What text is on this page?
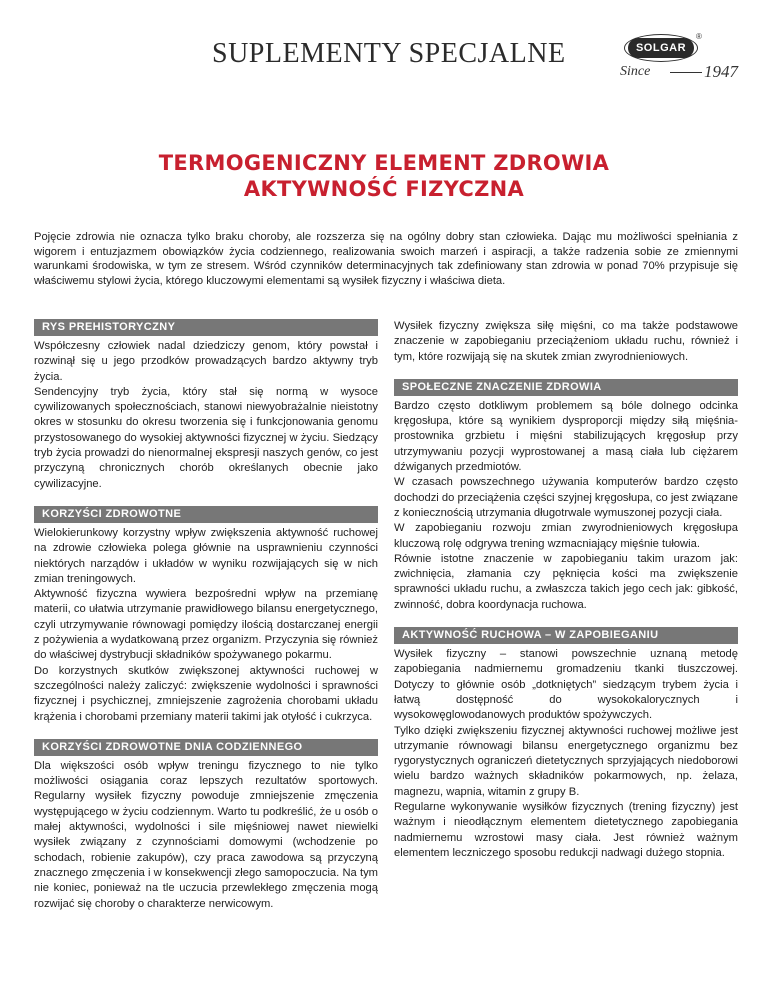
SUPLEMENTY SPECJALNE	SOLGAR
®
Since	1947
TERMOGENICZNY ELEMENT ZDROWIA
AKTYWNOŚĆ FIZYCZNA

Pojęcie zdrowia nie oznacza tylko braku choroby, ale rozszerza się na ogólny dobry stan człowieka. Dając mu możliwości spełniania z wigorem i entuzjazmem obowiązków życia codziennego, realizowania swoich marzeń i aspiracji, a także radzenia sobie ze zmiennymi warunkami środowiska, w tym ze stresem. Wśród czynników determinacyjnych tak zdefiniowany stan zdrowia w ponad 70% przypisuje się właściwemu stylowi życia, którego kluczowymi elementami są wysiłek fizyczny i właściwa dieta.

RYS PREHISTORYCZNY

Współczesny człowiek nadal dziedziczy genom, który powstał i rozwinął się u jego przodków prowadzących bardzo aktywny tryb życia.
Sendencyjny tryb życia, który stał się normą w wysoce cywilizowanych społecznościach, stanowi niewyobrażalnie nieistotny okres w stosunku do okresu tworzenia się i funkcjonowania genomu przystosowanego do wysokiej aktywności fizycznej w życiu. Siedzący tryb życia prowadzi do nienormalnej ekspresji naszych genów, co jest przyczyną chronicznych chorób określanych obecnie jako cywilizacyjne.

KORZYŚCI ZDROWOTNE

Wielokierunkowy korzystny wpływ zwiększenia aktywność ruchowej na zdrowie człowieka polega głównie na usprawnieniu czynności niektórych narządów i układów w wyniku rozwijających się w nich zmian treningowych.
Aktywność fizyczna wywiera bezpośredni wpływ na przemianę materii, co ułatwia utrzymanie prawidłowego bilansu energetycznego, czyli utrzymywanie równowagi pomiędzy ilością dostarczanej energii z pożywienia a wydatkowaną przez organizm. Przyczynia się również do właściwej dystrybucji składników spożywanego pokarmu.
Do korzystnych skutków zwiększonej aktywności ruchowej w szczególności należy zaliczyć: zwiększenie wydolności i sprawności fizycznej i psychicznej, zmniejszenie zagrożenia chorobami układu krążenia i chorobami przemiany materii takimi jak otyłość i cukrzyca.

KORZYŚCI ZDROWOTNE DNIA CODZIENNEGO

Dla większości osób wpływ treningu fizycznego to nie tylko możliwości osiągania coraz lepszych rezultatów sportowych. Regularny wysiłek fizyczny powoduje zmniejszenie zmęczenia występującego w życiu codziennym. Warto tu podkreślić, że u osób o małej aktywności, wydolności i sile mięśniowej nawet niewielki wysiłek związany z czynnościami domowymi (wchodzenie po schodach, robienie zakupów), czy praca zawodowa są przyczyną znacznego zmęczenia i w konsekwencji złego samopoczucia. Na tym nie koniec, ponieważ na tle uczucia przewlekłego zmęczenia mogą rozwijać się choroby o charakterze nerwicowym.

Wysiłek fizyczny zwiększa siłę mięśni, co ma także podstawowe znaczenie w zapobieganiu przeciążeniom układu ruchu, również i tym, które rozwijają się na skutek zmian zwyrodnieniowych.

SPOŁECZNE ZNACZENIE ZDROWIA

Bardzo często dotkliwym problemem są bóle dolnego odcinka kręgosłupa, które są wynikiem dysproporcji między siłą mięśnia-prostownika grzbietu i mięśni stabilizujących kręgosłup przy utrzymywaniu pozycji wyprostowanej a masą ciała lub ciężarem dźwiganych przedmiotów.
W czasach powszechnego używania komputerów bardzo często dochodzi do przeciążenia części szyjnej kręgosłupa, co jest związane z koniecznością utrzymania długotrwale wymuszonej pozycji ciała.
W zapobieganiu rozwoju zmian zwyrodnieniowych kręgosłupa kluczową rolę odgrywa trening wzmacniający mięśnie tułowia.
Równie istotne znaczenie w zapobieganiu takim urazom jak: zwichnięcia, złamania czy pęknięcia kości ma zwiększenie sprawności układu ruchu, a zwłaszcza takich jego cech jak: gibkość, zwinność, dobra koordynacja ruchowa.

AKTYWNOŚĆ RUCHOWA – W ZAPOBIEGANIU

Wysiłek fizyczny – stanowi powszechnie uznaną metodę zapobiegania nadmiernemu gromadzeniu tkanki tłuszczowej. Dotyczy to głównie osób „dotkniętych” siedzącym trybem życia i łatwą dostępność do wysokokalorycznych i wysokowęglowodanowych produktów spożywczych.
Tylko dzięki zwiększeniu fizycznej aktywności ruchowej możliwe jest utrzymanie równowagi bilansu energetycznego organizmu bez rygorystycznych ograniczeń dietetycznych sprzyjających niedoborowi wielu bardzo ważnych składników pokarmowych, np. żelaza, magnezu, wapnia, witamin z grupy B.
Regularne wykonywanie wysiłków fizycznych (trening fizyczny) jest ważnym i nieodłącznym elementem dietetycznego zapobiegania nadmiernemu wzrostowi masy ciała. Jest również ważnym elementem leczniczego sposobu redukcji nadwagi dużego stopnia.
